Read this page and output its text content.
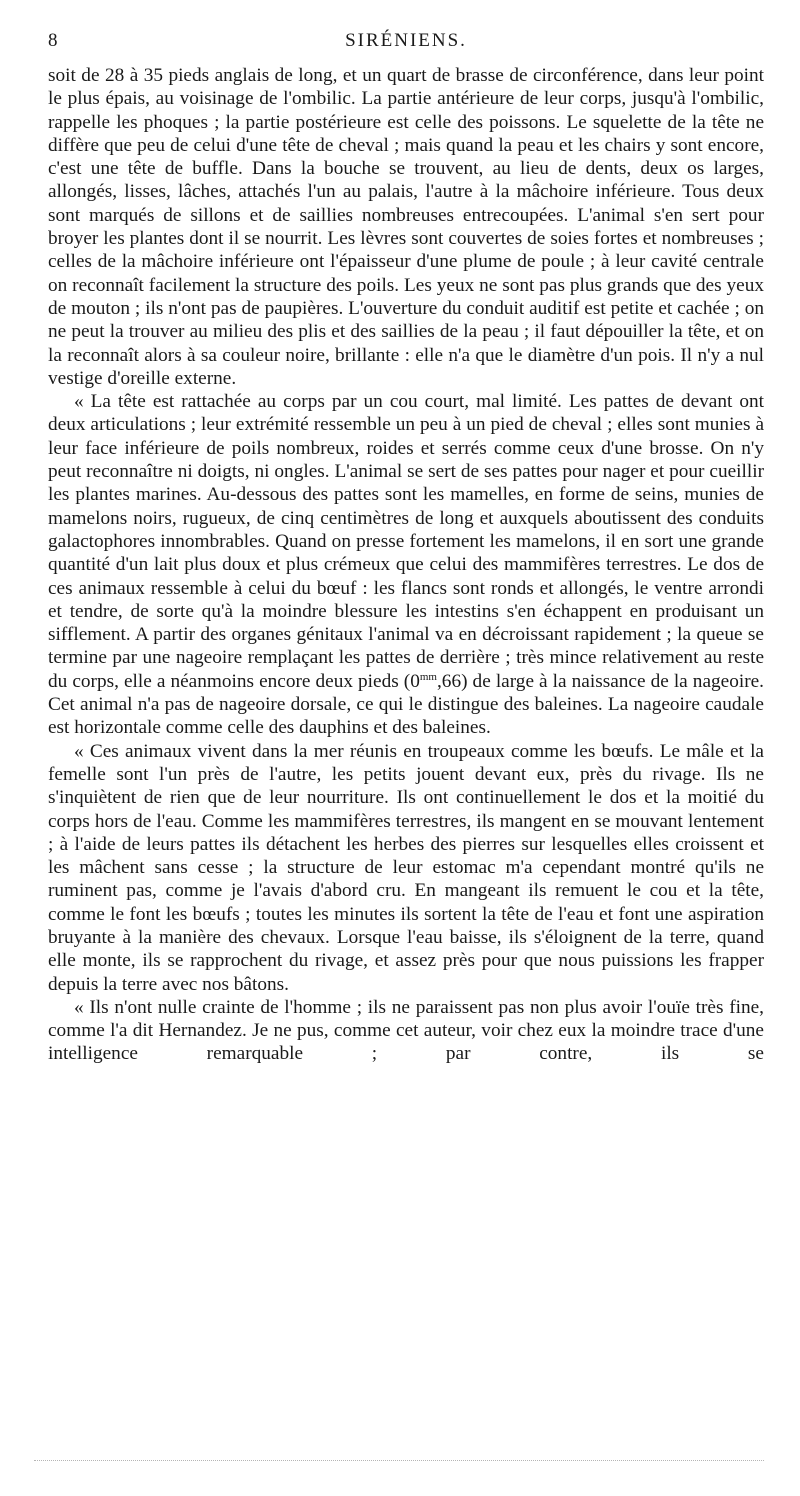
8	SIRÉNIENS.

soit de 28 à 35 pieds anglais de long, et un quart de brasse de circonférence, dans leur point le plus épais, au voisinage de l'ombilic. La partie antérieure de leur corps, jusqu'à l'ombilic, rappelle les phoques ; la partie postérieure est celle des poissons. Le squelette de la tête ne diffère que peu de celui d'une tête de cheval ; mais quand la peau et les chairs y sont encore, c'est une tête de buffle. Dans la bouche se trouvent, au lieu de dents, deux os larges, allongés, lisses, lâches, attachés l'un au palais, l'autre à la mâchoire inférieure. Tous deux sont marqués de sillons et de saillies nombreuses entrecoupées. L'animal s'en sert pour broyer les plantes dont il se nourrit. Les lèvres sont couvertes de soies fortes et nombreuses ; celles de la mâchoire inférieure ont l'épaisseur d'une plume de poule ; à leur cavité centrale on reconnaît facilement la structure des poils. Les yeux ne sont pas plus grands que des yeux de mouton ; ils n'ont pas de paupières. L'ouverture du conduit auditif est petite et cachée ; on ne peut la trouver au milieu des plis et des saillies de la peau ; il faut dépouiller la tête, et on la reconnaît alors à sa couleur noire, brillante : elle n'a que le diamètre d'un pois. Il n'y a nul vestige d'oreille externe.

« La tête est rattachée au corps par un cou court, mal limité. Les pattes de devant ont deux articulations ; leur extrémité ressemble un peu à un pied de cheval ; elles sont munies à leur face inférieure de poils nombreux, roides et serrés comme ceux d'une brosse. On n'y peut reconnaître ni doigts, ni ongles. L'animal se sert de ses pattes pour nager et pour cueillir les plantes marines. Au-dessous des pattes sont les mamelles, en forme de seins, munies de mamelons noirs, rugueux, de cinq centimètres de long et auxquels aboutissent des conduits galactophores innombrables. Quand on presse fortement les mamelons, il en sort une grande quantité d'un lait plus doux et plus crémeux que celui des mammifères terrestres. Le dos de ces animaux ressemble à celui du bœuf : les flancs sont ronds et allongés, le ventre arrondi et tendre, de sorte qu'à la moindre blessure les intestins s'en échappent en produisant un sifflement. A partir des organes génitaux l'animal va en décroissant rapidement ; la queue se termine par une nageoire remplaçant les pattes de derrière ; très mince relativement au reste du corps, elle a néanmoins encore deux pieds $(0^{mm},66)$ de large à la naissance de la nageoire. Cet animal n'a pas de nageoire dorsale, ce qui le distingue des baleines. La nageoire caudale est horizontale comme celle des dauphins et des baleines.

« Ces animaux vivent dans la mer réunis en troupeaux comme les bœufs. Le mâle et la femelle sont l'un près de l'autre, les petits jouent devant eux, près du rivage. Ils ne s'inquiètent de rien que de leur nourriture. Ils ont continuellement le dos et la moitié du corps hors de l'eau. Comme les mammifères terrestres, ils mangent en se mouvant lentement ; à l'aide de leurs pattes ils détachent les herbes des pierres sur lesquelles elles croissent et les mâchent sans cesse ; la structure de leur estomac m'a cependant montré qu'ils ne ruminent pas, comme je l'avais d'abord cru. En mangeant ils remuent le cou et la tête, comme le font les bœufs ; toutes les minutes ils sortent la tête de l'eau et font une aspiration bruyante à la manière des chevaux. Lorsque l'eau baisse, ils s'éloignent de la terre, quand elle monte, ils se rapprochent du rivage, et assez près pour que nous puissions les frapper depuis la terre avec nos bâtons.

« Ils n'ont nulle crainte de l'homme ; ils ne paraissent pas non plus avoir l'ouïe très fine, comme l'a dit Hernandez. Je ne pus, comme cet auteur, voir chez eux la moindre trace d'une intelligence remarquable ; par contre, ils se
